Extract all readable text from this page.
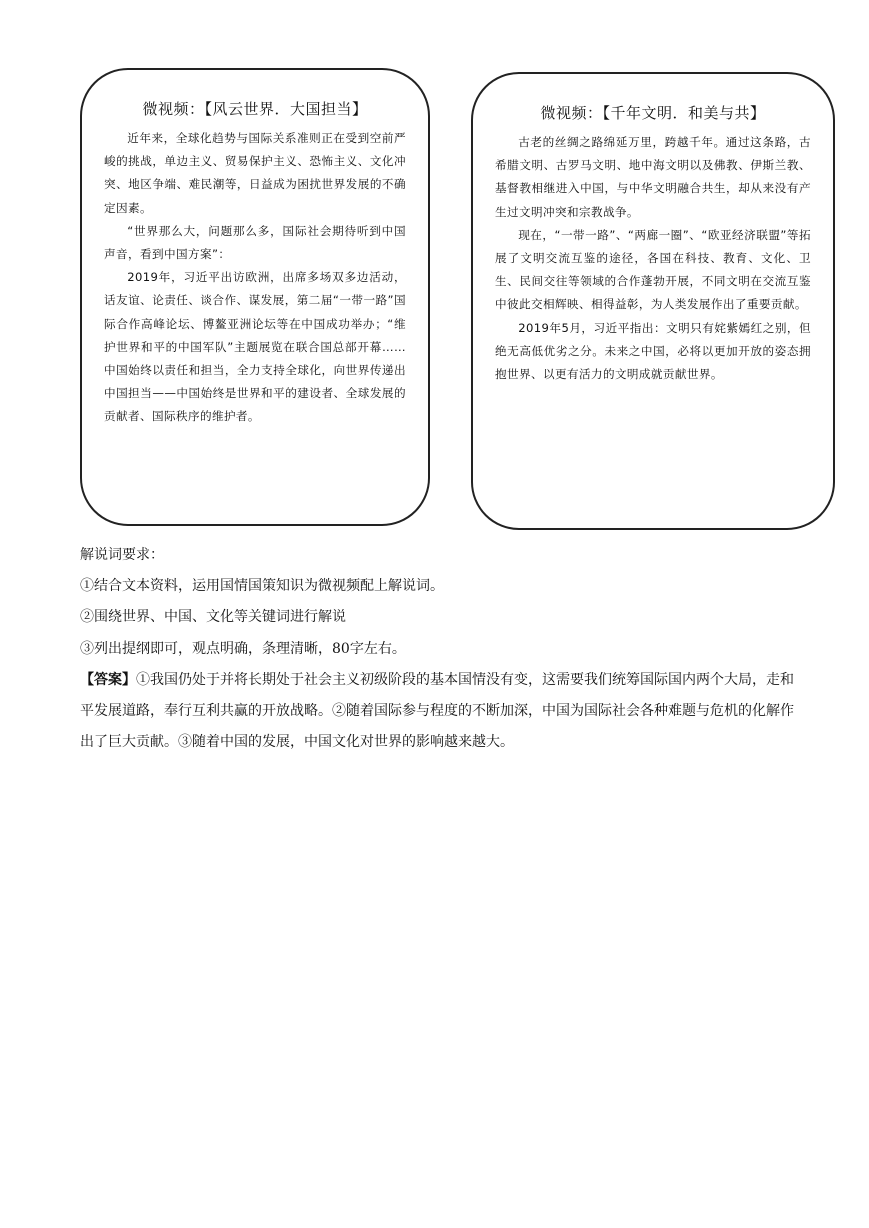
微视频：【风云世界．大国担当】

近年来，全球化趋势与国际关系准则正在受到空前严峻的挑战，单边主义、贸易保护主义、恐怖主义、文化冲突、地区争端、难民潮等，日益成为困扰世界发展的不确定因素。

“世界那么大，问题那么多，国际社会期待听到中国声音，看到中国方案”：

2019年，习近平出访欧洲，出席多场双多边活动，话友谊、论责任、谈合作、谋发展，第二届“一带一路”国际合作高峰论坛、博鳌亚洲论坛等在中国成功举办；“维护世界和平的中国军队”主题展览在联合国总部开幕……中国始终以责任和担当，全力支持全球化，向世界传递出中国担当——中国始终是世界和平的建设者、全球发展的贡献者、国际秩序的维护者。

微视频：【千年文明．和美与共】

古老的丝绸之路绵延万里，跨越千年。通过这条路，古希腊文明、古罗马文明、地中海文明以及佛教、伊斯兰教、基督教相继进入中国，与中华文明融合共生，却从来没有产生过文明冲突和宗教战争。

现在，“一带一路”、“两廊一圈”、“欧亚经济联盟”等拓展了文明交流互鉴的途径，各国在科技、教育、文化、卫生、民间交往等领域的合作蓬勃开展，不同文明在交流互鉴中彼此交相辉映、相得益彰，为人类发展作出了重要贡献。

2019年5月，习近平指出：文明只有姹紫嫣红之别，但绝无高低优劣之分。未来之中国，必将以更加开放的姿态拥抱世界、以更有活力的文明成就贡献世界。

解说词要求：
①结合文本资料，运用国情国策知识为微视频配上解说词。
②围绕世界、中国、文化等关键词进行解说
③列出提纲即可，观点明确，条理清晰，80字左右。
【答案】①我国仍处于并将长期处于社会主义初级阶段的基本国情没有变，这需要我们统筹国际国内两个大局，走和平发展道路，奉行互利共赢的开放战略。②随着国际参与程度的不断加深，中国为国际社会各种难题与危机的化解作出了巨大贡献。③随着中国的发展，中国文化对世界的影响越来越大。
